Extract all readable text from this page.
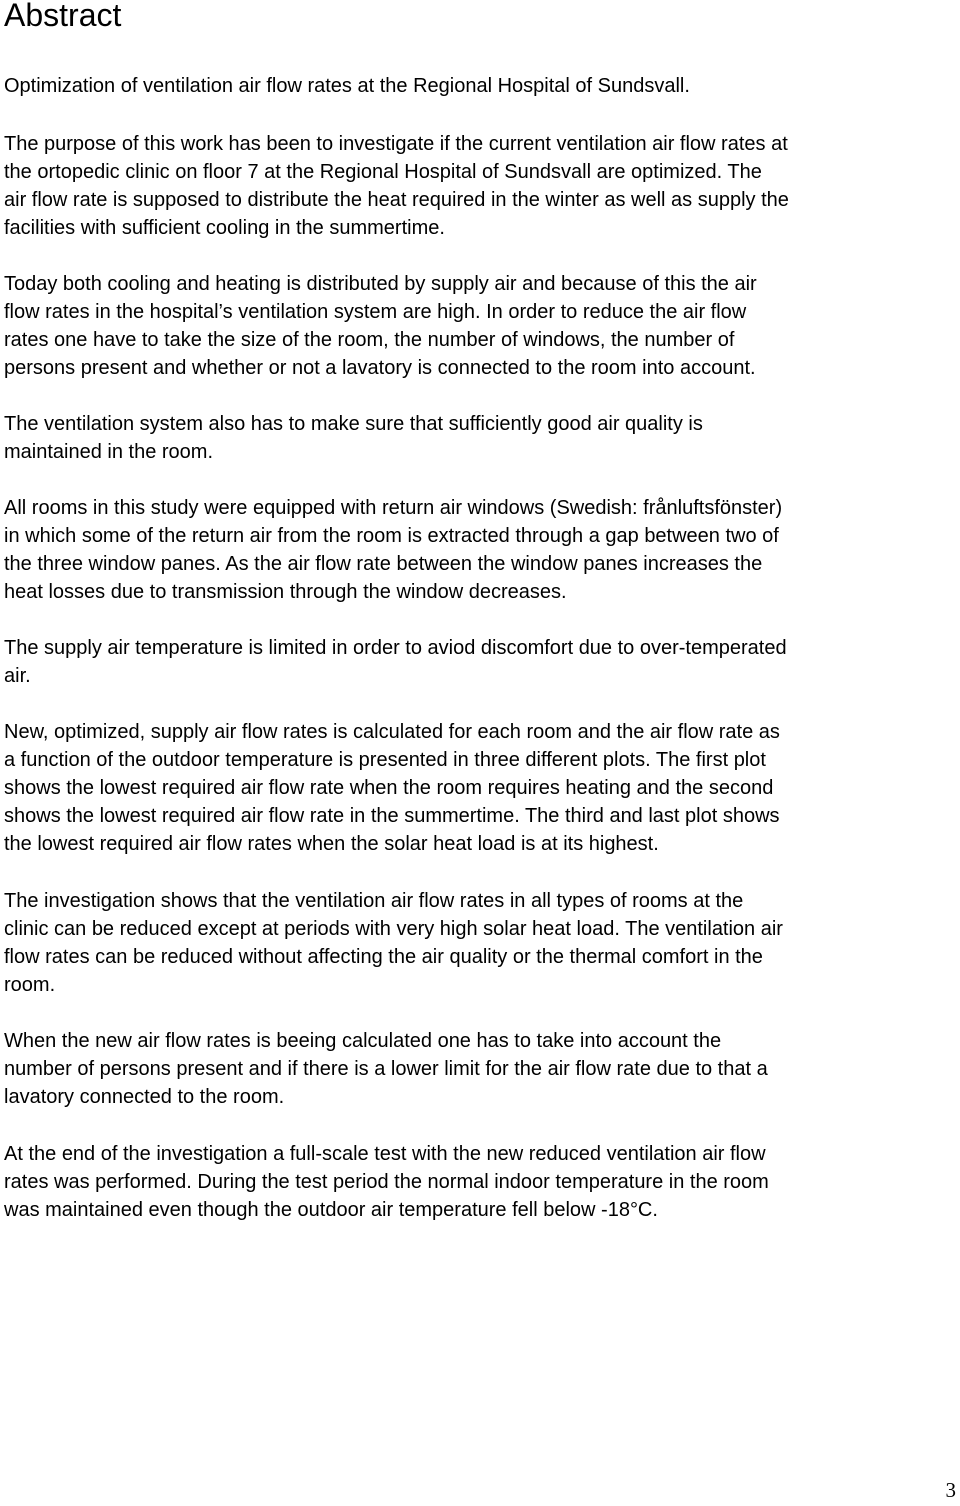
Abstract

Optimization of ventilation air flow rates at the Regional Hospital of Sundsvall.

The purpose of this work has been to investigate if the current ventilation air flow rates at
the ortopedic clinic on floor 7 at the Regional Hospital of Sundsvall are optimized. The
air flow rate is supposed to distribute the heat required in the winter as well as supply the
facilities with sufficient cooling in the summertime.

Today both cooling and heating is distributed by supply air and because of this the air
flow rates in the hospital’s ventilation system are high. In order to reduce the air flow
rates one have to take the size of the room, the number of windows, the number of
persons present and whether or not a lavatory is connected to the room into account.

The ventilation system also has to make sure that sufficiently good air quality is
maintained in the room.

All rooms in this study were equipped with return air windows (Swedish: frånluftsfönster)
in which some of the return air from the room is extracted through a gap between two of
the three window panes. As the air flow rate between the window panes increases the
heat losses due to transmission through the window decreases.

The supply air temperature is limited in order to aviod discomfort due to over-temperated
air.

New, optimized, supply air flow rates is calculated for each room and the air flow rate as
a function of the outdoor temperature is presented in three different plots. The first plot
shows the lowest required air flow rate when the room requires heating and the second
shows the lowest required air flow rate in the summertime. The third and last plot shows
the lowest required air flow rates when the solar heat load is at its highest.

The investigation shows that the ventilation air flow rates in all types of rooms at the
clinic can be reduced except at periods with very high solar heat load. The ventilation air
flow rates can be reduced without affecting the air quality or the thermal comfort in the
room.

When the new air flow rates is beeing calculated one has to take into account the
number of persons present and if there is a lower limit for the air flow rate due to that a
lavatory connected to the room.

At the end of the investigation a full-scale test with the new reduced ventilation air flow
rates was performed. During the test period the normal indoor temperature in the room
was maintained even though the outdoor air temperature fell below -18°C.

3
